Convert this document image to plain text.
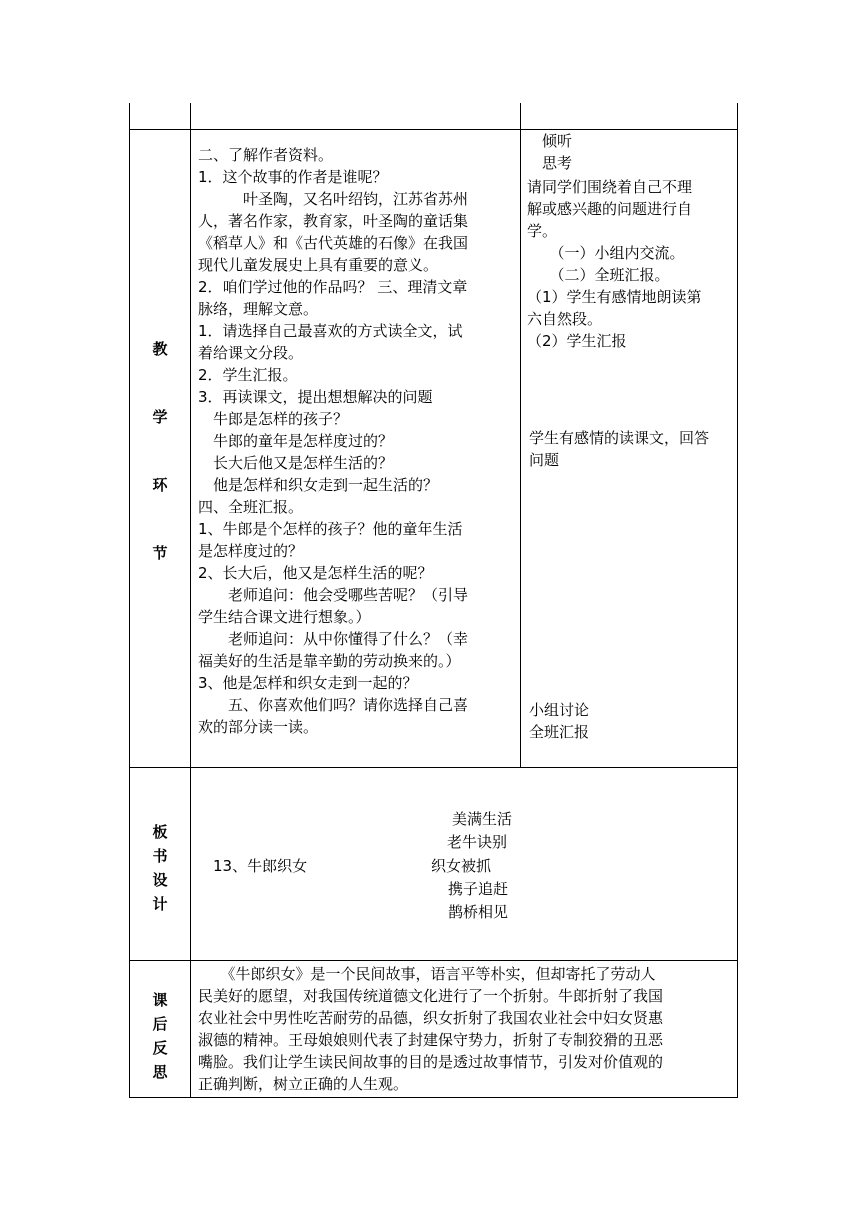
教
学
环
节

二、了解作者资料。

1．这个故事的作者是谁呢？

　　　叶圣陶，又名叶绍钧，江苏省苏州

人，著名作家，教育家，叶圣陶的童话集

《稻草人》和《古代英雄的石像》在我国

现代儿童发展史上具有重要的意义。

2．咱们学过他的作品吗？ 三、理清文章

脉络，理解文意。

1．请选择自己最喜欢的方式读全文，试

着给课文分段。

2．学生汇报。

3．再读课文，提出想想解决的问题

　牛郎是怎样的孩子？

　牛郎的童年是怎样度过的？

　长大后他又是怎样生活的？

　他是怎样和织女走到一起生活的？

四、全班汇报。

1、牛郎是个怎样的孩子？他的童年生活

是怎样度过的？

2、长大后，他又是怎样生活的呢？

　　老师追问：他会受哪些苦呢？（引导

学生结合课文进行想象。）

　　老师追问：从中你懂得了什么？（幸

福美好的生活是靠辛勤的劳动换来的。）

3、他是怎样和织女走到一起的？

　　五、你喜欢他们吗？请你选择自己喜

欢的部分读一读。

　倾听

　思考

请同学们围绕着自己不理

解或感兴趣的问题进行自

学。

　　（一）小组内交流。

　　（二）全班汇报。

（1）学生有感情地朗读第

六自然段。

（2）学生汇报

学生有感情的读课文，回答

问题

小组讨论

全班汇报

板
书
设
计
13、牛郎织女
美满生活
老牛诀别
织女被抓
携子追赶
鹊桥相见
课
后
反
思

　　《牛郎织女》是一个民间故事，语言平等朴实，但却寄托了劳动人

民美好的愿望，对我国传统道德文化进行了一个折射。牛郎折射了我国

农业社会中男性吃苦耐劳的品德，织女折射了我国农业社会中妇女贤惠

淑德的精神。王母娘娘则代表了封建保守势力，折射了专制狡猾的丑恶

嘴脸。我们让学生读民间故事的目的是透过故事情节，引发对价值观的

正确判断，树立正确的人生观。
